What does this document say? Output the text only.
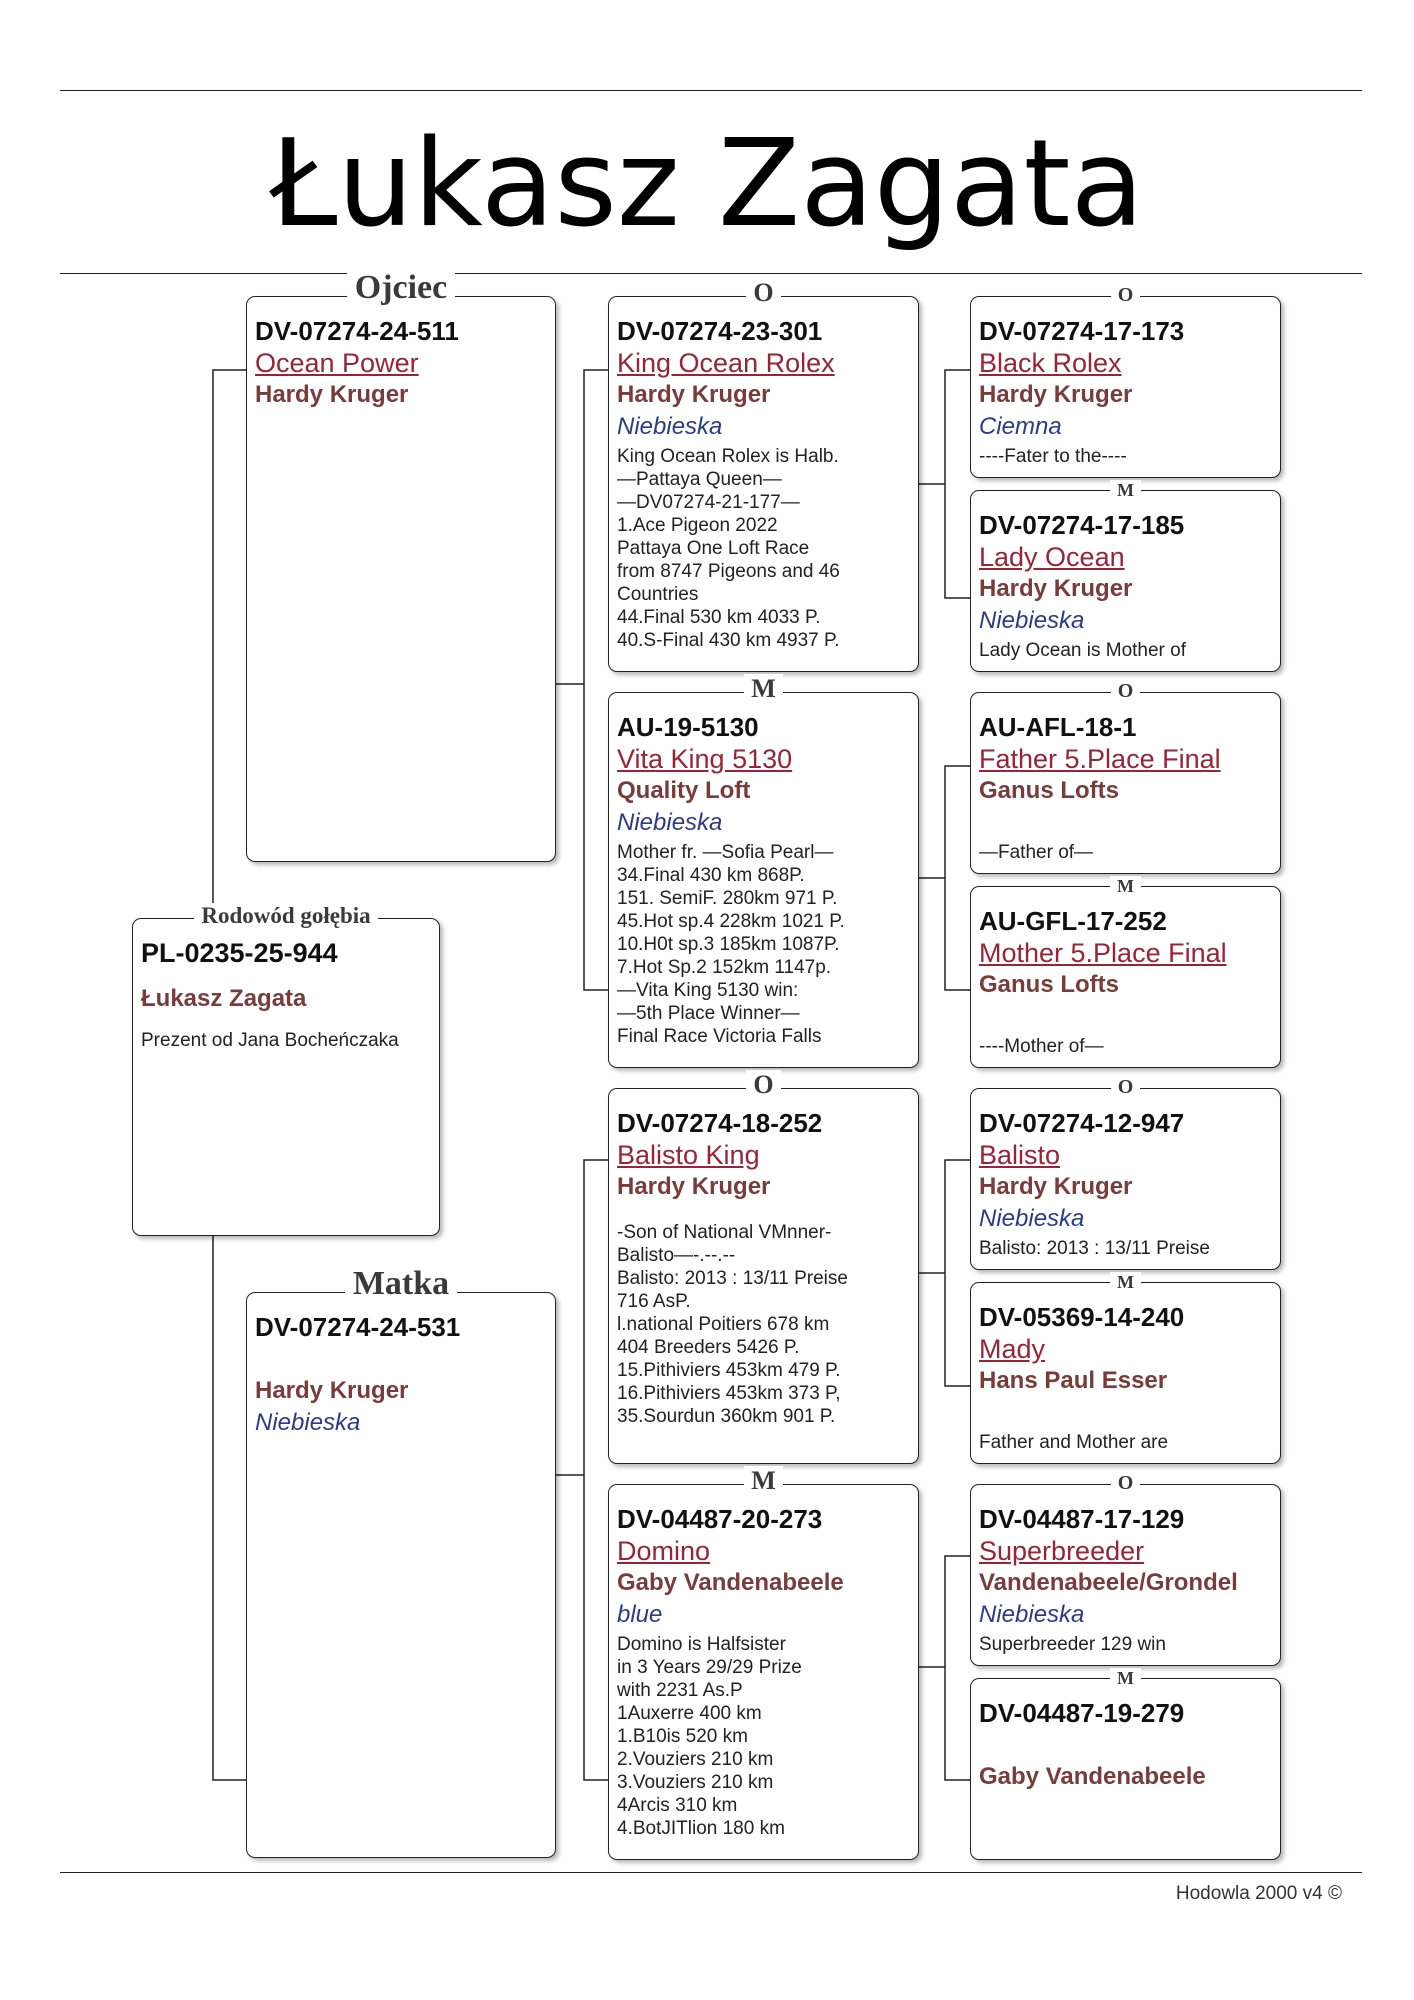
Łukasz Zagata
Hodowla 2000 v4 ©
Rodowód gołębia
PL-0235-25-944
Łukasz Zagata
Prezent od Jana Bocheńczaka
Ojciec
DV-07274-24-511
Ocean Power
Hardy Kruger
Matka
DV-07274-24-531
Hardy Kruger
Niebieska
O
DV-07274-23-301
King Ocean Rolex
Hardy Kruger
Niebieska
King Ocean Rolex is Halb.
—Pattaya Queen—
—DV07274-21-177—
1.Ace Pigeon 2022
Pattaya One Loft Race
from 8747 Pigeons and 46
Countries
44.Final 530 km 4033 P.
40.S-Final 430 km 4937 P.
M
AU-19-5130
Vita King 5130
Quality Loft
Niebieska
Mother fr. —Sofia Pearl—
34.Final 430 km 868P.
151. SemiF. 280km 971 P.
45.Hot sp.4 228km 1021 P.
10.H0t sp.3 185km 1087P.
7.Hot Sp.2 152km 1147p.
—Vita King 5130 win:
—5th Place Winner—
Final Race Victoria Falls
O
DV-07274-18-252
Balisto King
Hardy Kruger
-Son of National VMnner-
Balisto—-.--.--
Balisto: 2013 : 13/11 Preise
716 AsP.
l.national Poitiers 678 km
404 Breeders 5426 P.
15.Pithiviers 453km 479 P.
16.Pithiviers 453km 373 P,
35.Sourdun 360km 901 P.
M
DV-04487-20-273
Domino
Gaby Vandenabeele
blue
Domino is Halfsister
in 3 Years 29/29 Prize
with 2231 As.P
1Auxerre 400 km
1.B10is 520 km
2.Vouziers 210 km
3.Vouziers 210 km
4Arcis 310 km
4.BotJITlion 180 km
O
DV-07274-17-173
Black Rolex
Hardy Kruger
Ciemna
----Fater to the----
M
DV-07274-17-185
Lady Ocean
Hardy Kruger
Niebieska
Lady Ocean is Mother of
O
AU-AFL-18-1
Father 5.Place Final
Ganus Lofts
—Father of—
M
AU-GFL-17-252
Mother 5.Place Final
Ganus Lofts
----Mother of—
O
DV-07274-12-947
Balisto
Hardy Kruger
Niebieska
Balisto: 2013 : 13/11 Preise
M
DV-05369-14-240
Mady
Hans Paul Esser
Father and Mother are
O
DV-04487-17-129
Superbreeder
Vandenabeele/Grondel
Niebieska
Superbreeder 129 win
M
DV-04487-19-279
Gaby Vandenabeele
